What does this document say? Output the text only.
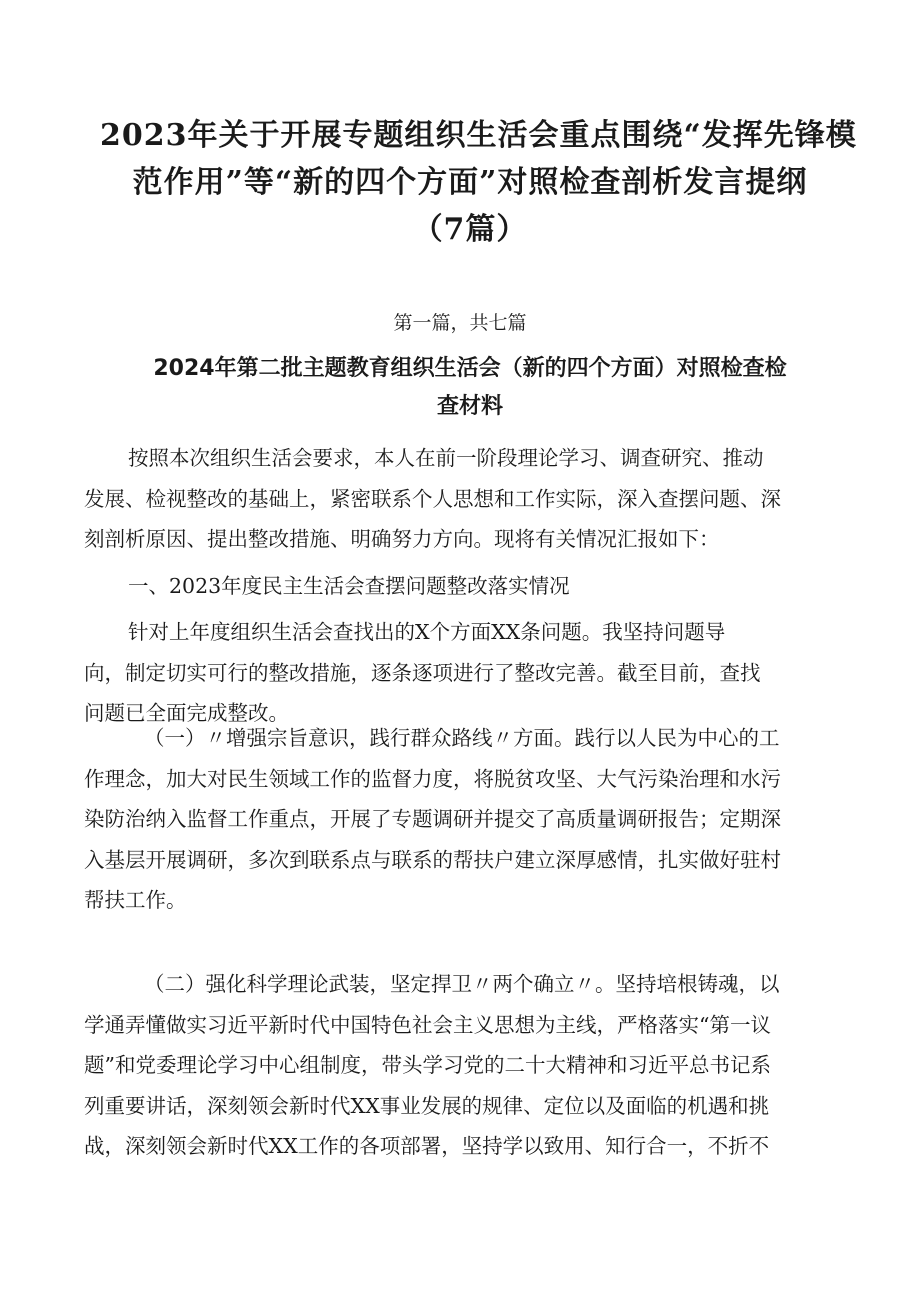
2023年关于开展专题组织生活会重点围绕“发挥先锋模
范作用”等“新的四个方面”对照检查剖析发言提纲
（7篇）
第一篇，共七篇
2024年第二批主题教育组织生活会（新的四个方面）对照检查检
查材料
按照本次组织生活会要求，本人在前一阶段理论学习、调查研究、推动
发展、检视整改的基础上，紧密联系个人思想和工作实际，深入查摆问题、深
刻剖析原因、提出整改措施、明确努力方向。现将有关情况汇报如下：
一、2023年度民主生活会查摆问题整改落实情况
针对上年度组织生活会查找出的X个方面XX条问题。我坚持问题导
向，制定切实可行的整改措施，逐条逐项进行了整改完善。截至目前，查找
问题已全面完成整改。
（一）〃增强宗旨意识，践行群众路线〃方面。践行以人民为中心的工
作理念，加大对民生领域工作的监督力度，将脱贫攻坚、大气污染治理和水污
染防治纳入监督工作重点，开展了专题调研并提交了高质量调研报告；定期深
入基层开展调研，多次到联系点与联系的帮扶户建立深厚感情，扎实做好驻村
帮扶工作。
（二）强化科学理论武装，坚定捍卫〃两个确立〃。坚持培根铸魂，以
学通弄懂做实习近平新时代中国特色社会主义思想为主线，严格落实“第一议
题”和党委理论学习中心组制度，带头学习党的二十大精神和习近平总书记系
列重要讲话，深刻领会新时代XX事业发展的规律、定位以及面临的机遇和挑
战，深刻领会新时代XX工作的各项部署，坚持学以致用、知行合一，不折不
